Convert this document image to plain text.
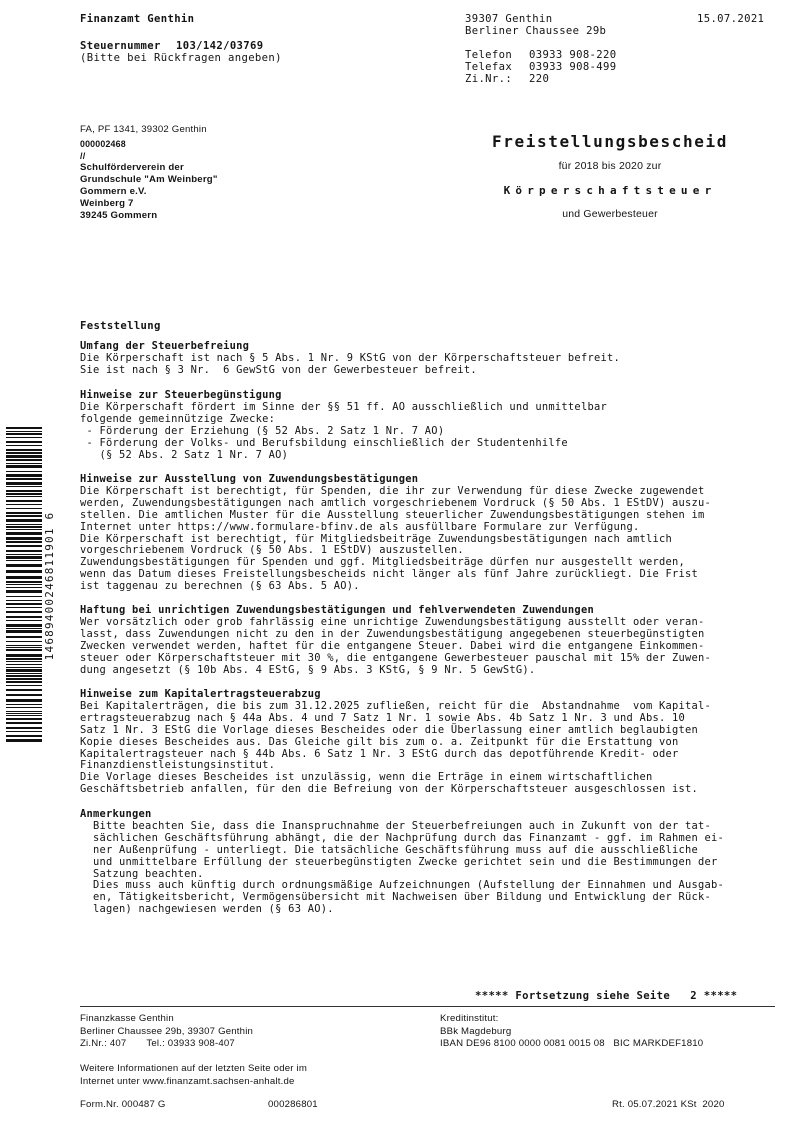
Finanzamt Genthin	39307 Genthin
Berliner Chaussee 29b
15.07.2021
Steuernummer 103/142/03769
(Bitte bei Rückfragen angeben)	Telefon 03933 908-220
Telefax 03933 908-499
Zi.Nr.: 220
FA, PF 1341, 39302 Genthin
000002468
//
Schulförderverein der
Grundschule "Am Weinberg"
Gommern e.V.
Weinberg 7
39245 Gommern
Freistellungsbescheid
für 2018 bis 2020 zur
Körperschaftsteuer
und Gewerbesteuer
14689400246811901 6
Feststellung
Umfang der Steuerbefreiung
Die Körperschaft ist nach § 5 Abs. 1 Nr. 9 KStG von der Körperschaftsteuer befreit.
Sie ist nach § 3 Nr.  6 GewStG von der Gewerbesteuer befreit.
Hinweise zur Steuerbegünstigung
Die Körperschaft fördert im Sinne der §§ 51 ff. AO ausschließlich und unmittelbar
folgende gemeinnützige Zwecke:
- Förderung der Erziehung (§ 52 Abs. 2 Satz 1 Nr. 7 AO)
- Förderung der Volks- und Berufsbildung einschließlich der Studentenhilfe
(§ 52 Abs. 2 Satz 1 Nr. 7 AO)
Hinweise zur Ausstellung von Zuwendungsbestätigungen
Die Körperschaft ist berechtigt, für Spenden, die ihr zur Verwendung für diese Zwecke zugewendet
werden, Zuwendungsbestätigungen nach amtlich vorgeschriebenem Vordruck (§ 50 Abs. 1 EStDV) auszu-
stellen. Die amtlichen Muster für die Ausstellung steuerlicher Zuwendungsbestätigungen stehen im
Internet unter https://www.formulare-bfinv.de als ausfüllbare Formulare zur Verfügung.
Die Körperschaft ist berechtigt, für Mitgliedsbeiträge Zuwendungsbestätigungen nach amtlich
vorgeschriebenem Vordruck (§ 50 Abs. 1 EStDV) auszustellen.
Zuwendungsbestätigungen für Spenden und ggf. Mitgliedsbeiträge dürfen nur ausgestellt werden,
wenn das Datum dieses Freistellungsbescheids nicht länger als fünf Jahre zurückliegt. Die Frist
ist taggenau zu berechnen (§ 63 Abs. 5 AO).
Haftung bei unrichtigen Zuwendungsbestätigungen und fehlverwendeten Zuwendungen
Wer vorsätzlich oder grob fahrlässig eine unrichtige Zuwendungsbestätigung ausstellt oder veran-
lasst, dass Zuwendungen nicht zu den in der Zuwendungsbestätigung angegebenen steuerbegünstigten
Zwecken verwendet werden, haftet für die entgangene Steuer. Dabei wird die entgangene Einkommen-
steuer oder Körperschaftsteuer mit 30 %, die entgangene Gewerbesteuer pauschal mit 15% der Zuwen-
dung angesetzt (§ 10b Abs. 4 EStG, § 9 Abs. 3 KStG, § 9 Nr. 5 GewStG).
Hinweise zum Kapitalertragsteuerabzug
Bei Kapitalerträgen, die bis zum 31.12.2025 zufließen, reicht für die  Abstandnahme  vom Kapital-
ertragsteuerabzug nach § 44a Abs. 4 und 7 Satz 1 Nr. 1 sowie Abs. 4b Satz 1 Nr. 3 und Abs. 10
Satz 1 Nr. 3 EStG die Vorlage dieses Bescheides oder die Überlassung einer amtlich beglaubigten
Kopie dieses Bescheides aus. Das Gleiche gilt bis zum o. a. Zeitpunkt für die Erstattung von
Kapitalertragsteuer nach § 44b Abs. 6 Satz 1 Nr. 3 EStG durch das depotführende Kredit- oder
Finanzdienstleistungsinstitut.
Die Vorlage dieses Bescheides ist unzulässig, wenn die Erträge in einem wirtschaftlichen
Geschäftsbetrieb anfallen, für den die Befreiung von der Körperschaftsteuer ausgeschlossen ist.
Anmerkungen
Bitte beachten Sie, dass die Inanspruchnahme der Steuerbefreiungen auch in Zukunft von der tat-
sächlichen Geschäftsführung abhängt, die der Nachprüfung durch das Finanzamt - ggf. im Rahmen ei-
ner Außenprüfung - unterliegt. Die tatsächliche Geschäftsführung muss auf die ausschließliche
und unmittelbare Erfüllung der steuerbegünstigten Zwecke gerichtet sein und die Bestimmungen der
Satzung beachten.
Dies muss auch künftig durch ordnungsmäßige Aufzeichnungen (Aufstellung der Einnahmen und Ausgab-
en, Tätigkeitsbericht, Vermögensübersicht mit Nachweisen über Bildung und Entwicklung der Rück-
lagen) nachgewiesen werden (§ 63 AO).
***** Fortsetzung siehe Seite   2 *****
Finanzkasse Genthin
Berliner Chaussee 29b, 39307 Genthin
Zi.Nr.: 407       Tel.: 03933 908-407
Kreditinstitut:
BBk Magdeburg
IBAN DE96 8100 0000 0081 0015 08   BIC MARKDEF1810
Weitere Informationen auf der letzten Seite oder im
Internet unter www.finanzamt.sachsen-anhalt.de
Form.Nr. 000487 G	000286801	Rt. 05.07.2021 KSt  2020
